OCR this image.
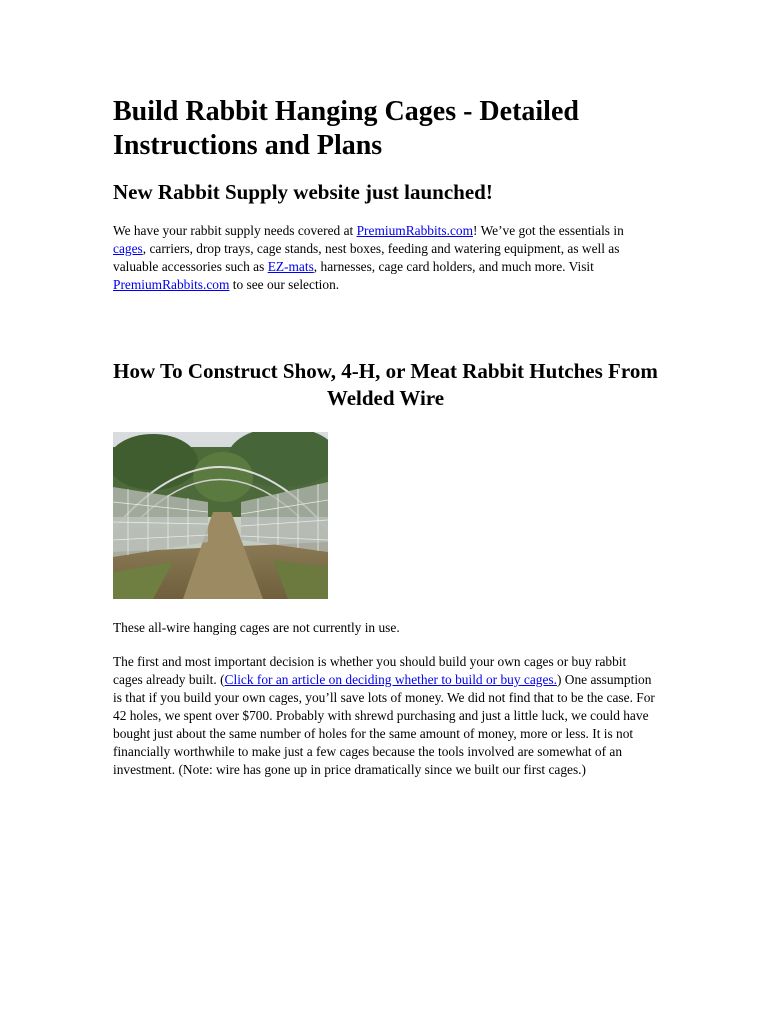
Build Rabbit Hanging Cages - Detailed Instructions and Plans
New Rabbit Supply website just launched!

We have your rabbit supply needs covered at PremiumRabbits.com! We’ve got the essentials in cages, carriers, drop trays, cage stands, nest boxes, feeding and watering equipment, as well as valuable accessories such as EZ-mats, harnesses, cage card holders, and much more. Visit PremiumRabbits.com to see our selection.

How To Construct Show, 4-H, or Meat Rabbit Hutches From Welded Wire

These all-wire hanging cages are not currently in use.

The first and most important decision is whether you should build your own cages or buy rabbit cages already built. (Click for an article on deciding whether to build or buy cages.) One assumption is that if you build your own cages, you’ll save lots of money. We did not find that to be the case. For 42 holes, we spent over $700. Probably with shrewd purchasing and just a little luck, we could have bought just about the same number of holes for the same amount of money, more or less. It is not financially worthwhile to make just a few cages because the tools involved are somewhat of an investment. (Note: wire has gone up in price dramatically since we built our first cages.)
